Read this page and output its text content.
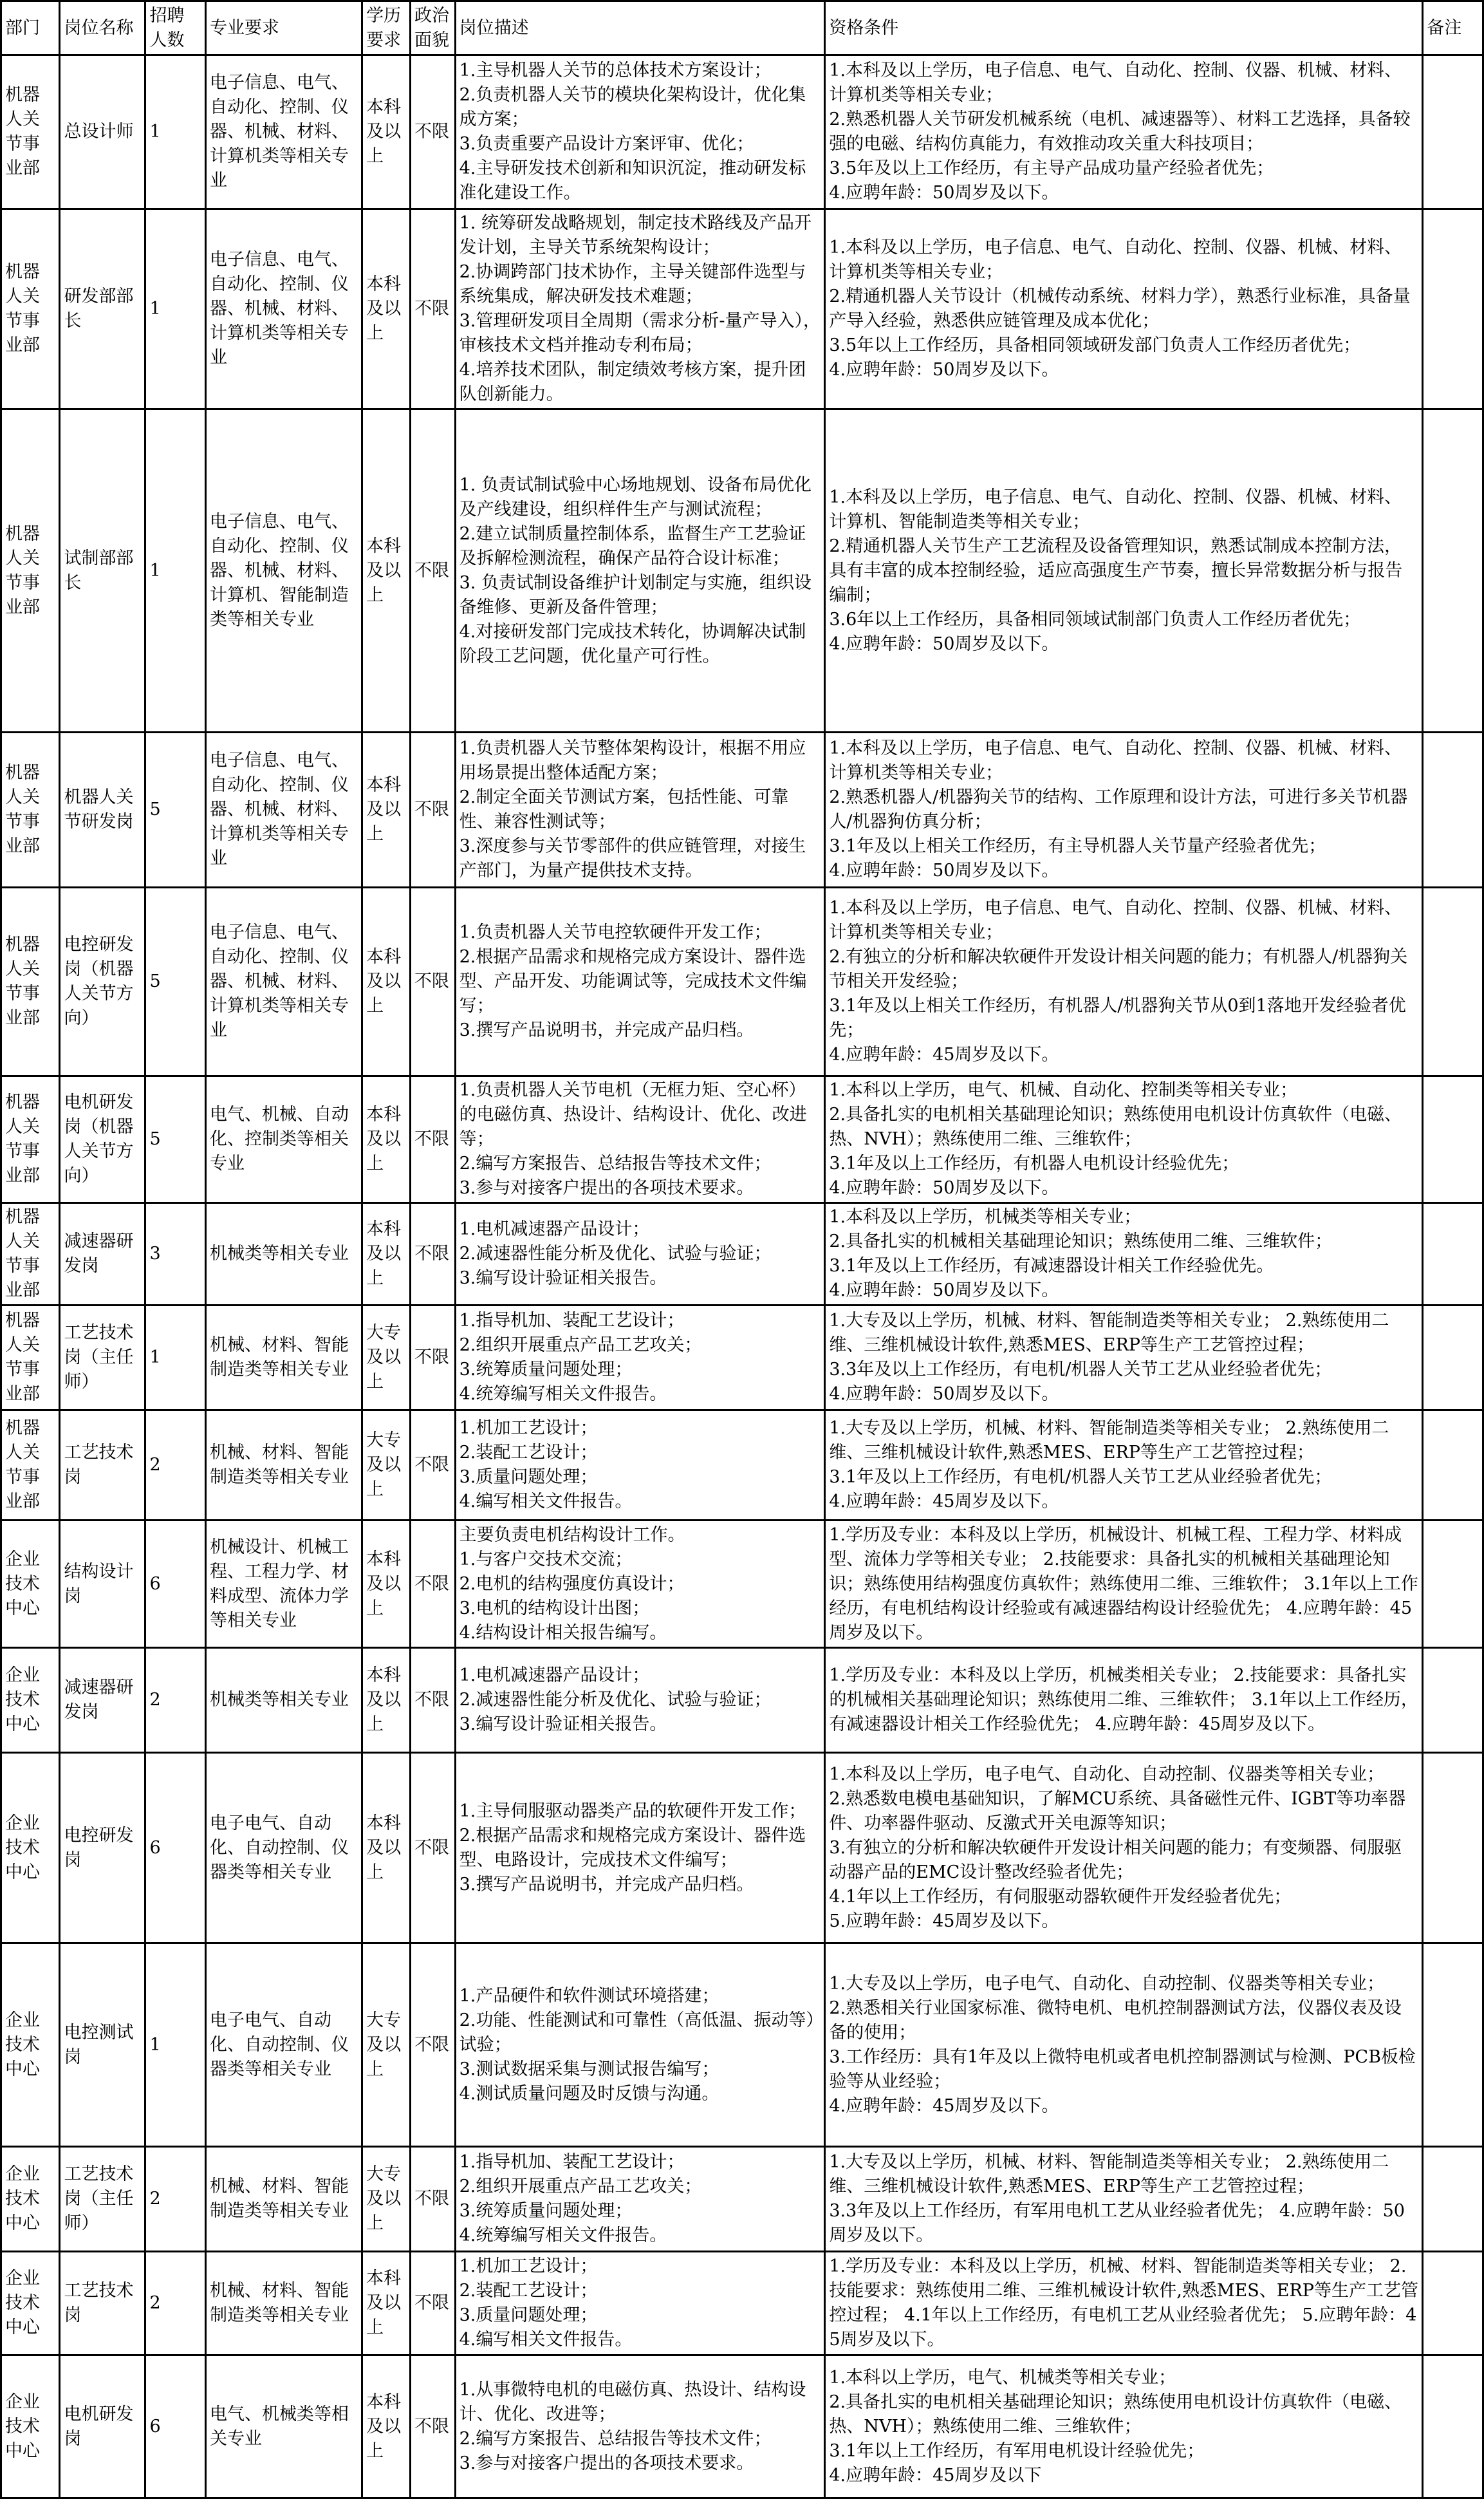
部门	岗位名称	招聘人数	专业要求	学历要求	政治面貌	岗位描述	资格条件	备注
机器人关节事业部	总设计师	1	电子信息、电气、自动化、控制、仪器、机械、材料、计算机类等相关专业	本科及以上	不限	1.主导机器人关节的总体技术方案设计；
2.负责机器人关节的模块化架构设计，优化集成方案；
3.负责重要产品设计方案评审、优化；
4.主导研发技术创新和知识沉淀，推动研发标准化建设工作。	1.本科及以上学历，电子信息、电气、自动化、控制、仪器、机械、材料、计算机类等相关专业；
2.熟悉机器人关节研发机械系统（电机、减速器等）、材料工艺选择，具备较强的电磁、结构仿真能力，有效推动攻关重大科技项目；
3.5年及以上工作经历，有主导产品成功量产经验者优先；
4.应聘年龄：50周岁及以下。	

机器人关节事业部	研发部部长	1	电子信息、电气、自动化、控制、仪器、机械、材料、计算机类等相关专业	本科及以上	不限	1. 统筹研发战略规划，制定技术路线及产品开发计划，主导关节系统架构设计；
2.协调跨部门技术协作，主导关键部件选型与系统集成，解决研发技术难题；
3.管理研发项目全周期（需求分析-量产导入），审核技术文档并推动专利布局；
4.培养技术团队，制定绩效考核方案，提升团队创新能力。	1.本科及以上学历，电子信息、电气、自动化、控制、仪器、机械、材料、计算机类等相关专业；
2.精通机器人关节设计（机械传动系统、材料力学），熟悉行业标准，具备量产导入经验，熟悉供应链管理及成本优化；
3.5年以上工作经历，具备相同领域研发部门负责人工作经历者优先；
4.应聘年龄：50周岁及以下。	

机器人关节事业部	试制部部长	1	电子信息、电气、自动化、控制、仪器、机械、材料、计算机、智能制造类等相关专业	本科及以上	不限	1. 负责试制试验中心场地规划、设备布局优化及产线建设，组织样件生产与测试流程；
2.建立试制质量控制体系，监督生产工艺验证及拆解检测流程，确保产品符合设计标准；
3. 负责试制设备维护计划制定与实施，组织设备维修、更新及备件管理；
4.对接研发部门完成技术转化，协调解决试制阶段工艺问题，优化量产可行性。	1.本科及以上学历，电子信息、电气、自动化、控制、仪器、机械、材料、计算机、智能制造类等相关专业；
2.精通机器人关节生产工艺流程及设备管理知识，熟悉试制成本控制方法，具有丰富的成本控制经验，适应高强度生产节奏，擅长异常数据分析与报告编制；
3.6年以上工作经历，具备相同领域试制部门负责人工作经历者优先；
4.应聘年龄：50周岁及以下。	

机器人关节事业部	机器人关节研发岗	5	电子信息、电气、自动化、控制、仪器、机械、材料、计算机类等相关专业	本科及以上	不限	1.负责机器人关节整体架构设计，根据不用应用场景提出整体适配方案；
2.制定全面关节测试方案，包括性能、可靠性、兼容性测试等；
3.深度参与关节零部件的供应链管理，对接生产部门，为量产提供技术支持。	1.本科及以上学历，电子信息、电气、自动化、控制、仪器、机械、材料、计算机类等相关专业；
2.熟悉机器人/机器狗关节的结构、工作原理和设计方法，可进行多关节机器人/机器狗仿真分析；
3.1年及以上相关工作经历，有主导机器人关节量产经验者优先；
4.应聘年龄：50周岁及以下。	

机器人关节事业部	电控研发岗（机器人关节方向）	5	电子信息、电气、自动化、控制、仪器、机械、材料、计算机类等相关专业	本科及以上	不限	1.负责机器人关节电控软硬件开发工作；
2.根据产品需求和规格完成方案设计、器件选型、产品开发、功能调试等，完成技术文件编写；
3.撰写产品说明书，并完成产品归档。	1.本科及以上学历，电子信息、电气、自动化、控制、仪器、机械、材料、计算机类等相关专业；
2.有独立的分析和解决软硬件开发设计相关问题的能力；有机器人/机器狗关节相关开发经验；
3.1年及以上相关工作经历，有机器人/机器狗关节从0到1落地开发经验者优先；
4.应聘年龄：45周岁及以下。	

机器人关节事业部	电机研发岗（机器人关节方向）	5	电气、机械、自动化、控制类等相关专业	本科及以上	不限	1.负责机器人关节电机（无框力矩、空心杯）的电磁仿真、热设计、结构设计、优化、改进等；
2.编写方案报告、总结报告等技术文件；
3.参与对接客户提出的各项技术要求。	1.本科以上学历，电气、机械、自动化、控制类等相关专业；
2.具备扎实的电机相关基础理论知识；熟练使用电机设计仿真软件（电磁、热、NVH）；熟练使用二维、三维软件；
3.1年及以上工作经历，有机器人电机设计经验优先；
4.应聘年龄：50周岁及以下。	

机器人关节事业部	减速器研发岗	3	机械类等相关专业	本科及以上	不限	1.电机减速器产品设计；
2.减速器性能分析及优化、试验与验证；
3.编写设计验证相关报告。	1.本科及以上学历，机械类等相关专业；
2.具备扎实的机械相关基础理论知识；熟练使用二维、三维软件；
3.1年及以上工作经历，有减速器设计相关工作经验优先。
4.应聘年龄：50周岁及以下。	

机器人关节事业部	工艺技术岗（主任师）	1	机械、材料、智能制造类等相关专业	大专及以上	不限	1.指导机加、装配工艺设计；
2.组织开展重点产品工艺攻关；
3.统筹质量问题处理；
4.统筹编写相关文件报告。	1.大专及以上学历，机械、材料、智能制造类等相关专业； 2.熟练使用二维、三维机械设计软件,熟悉MES、ERP等生产工艺管控过程；
3.3年及以上工作经历，有电机/机器人关节工艺从业经验者优先；
4.应聘年龄：50周岁及以下。	

机器人关节事业部	工艺技术岗	2	机械、材料、智能制造类等相关专业	大专及以上	不限	1.机加工艺设计；
2.装配工艺设计；
3.质量问题处理；
4.编写相关文件报告。	1.大专及以上学历，机械、材料、智能制造类等相关专业； 2.熟练使用二维、三维机械设计软件,熟悉MES、ERP等生产工艺管控过程；
3.1年及以上工作经历，有电机/机器人关节工艺从业经验者优先；
4.应聘年龄：45周岁及以下。	

企业技术中心	结构设计岗	6	机械设计、机械工程、工程力学、材料成型、流体力学等相关专业	本科及以上	不限	主要负责电机结构设计工作。
1.与客户交技术交流；
2.电机的结构强度仿真设计；
3.电机的结构设计出图；
4.结构设计相关报告编写。	1.学历及专业：本科及以上学历，机械设计、机械工程、工程力学、材料成型、流体力学等相关专业； 2.技能要求：具备扎实的机械相关基础理论知识；熟练使用结构强度仿真软件；熟练使用二维、三维软件； 3.1年以上工作经历，有电机结构设计经验或有减速器结构设计经验优先； 4.应聘年龄：45周岁及以下。	

企业技术中心	减速器研发岗	2	机械类等相关专业	本科及以上	不限	1.电机减速器产品设计；
2.减速器性能分析及优化、试验与验证；
3.编写设计验证相关报告。	1.学历及专业：本科及以上学历，机械类相关专业； 2.技能要求：具备扎实的机械相关基础理论知识；熟练使用二维、三维软件； 3.1年以上工作经历，有减速器设计相关工作经验优先； 4.应聘年龄：45周岁及以下。	

企业技术中心	电控研发岗	6	电子电气、自动化、自动控制、仪器类等相关专业	本科及以上	不限	1.主导伺服驱动器类产品的软硬件开发工作；
2.根据产品需求和规格完成方案设计、器件选型、电路设计，完成技术文件编写；
3.撰写产品说明书，并完成产品归档。	1.本科及以上学历，电子电气、自动化、自动控制、仪器类等相关专业；
2.熟悉数电模电基础知识，了解MCU系统、具备磁性元件、IGBT等功率器件、功率器件驱动、反激式开关电源等知识；
3.有独立的分析和解决软硬件开发设计相关问题的能力；有变频器、伺服驱动器产品的EMC设计整改经验者优先；
4.1年以上工作经历，有伺服驱动器软硬件开发经验者优先；
5.应聘年龄：45周岁及以下。	

企业技术中心	电控测试岗	1	电子电气、自动化、自动控制、仪器类等相关专业	大专及以上	不限	1.产品硬件和软件测试环境搭建；
2.功能、性能测试和可靠性（高低温、振动等）试验；
3.测试数据采集与测试报告编写；
4.测试质量问题及时反馈与沟通。	1.大专及以上学历，电子电气、自动化、自动控制、仪器类等相关专业；
2.熟悉相关行业国家标准、微特电机、电机控制器测试方法，仪器仪表及设备的使用；
3.工作经历：具有1年及以上微特电机或者电机控制器测试与检测、PCB板检验等从业经验；
4.应聘年龄：45周岁及以下。	

企业技术中心	工艺技术岗（主任师）	2	机械、材料、智能制造类等相关专业	大专及以上	不限	1.指导机加、装配工艺设计；
2.组织开展重点产品工艺攻关；
3.统筹质量问题处理；
4.统筹编写相关文件报告。	1.大专及以上学历，机械、材料、智能制造类等相关专业； 2.熟练使用二维、三维机械设计软件,熟悉MES、ERP等生产工艺管控过程；
3.3年及以上工作经历，有军用电机工艺从业经验者优先； 4.应聘年龄：50周岁及以下。	

企业技术中心	工艺技术岗	2	机械、材料、智能制造类等相关专业	本科及以上	不限	1.机加工艺设计；
2.装配工艺设计；
3.质量问题处理；
4.编写相关文件报告。	1.学历及专业：本科及以上学历，机械、材料、智能制造类等相关专业； 2.技能要求：熟练使用二维、三维机械设计软件,熟悉MES、ERP等生产工艺管控过程； 4.1年以上工作经历，有电机工艺从业经验者优先； 5.应聘年龄：45周岁及以下。	

企业技术中心	电机研发岗	6	电气、机械类等相关专业	本科及以上	不限	1.从事微特电机的电磁仿真、热设计、结构设计、优化、改进等；
2.编写方案报告、总结报告等技术文件；
3.参与对接客户提出的各项技术要求。	1.本科以上学历，电气、机械类等相关专业；
2.具备扎实的电机相关基础理论知识；熟练使用电机设计仿真软件（电磁、热、NVH）；熟练使用二维、三维软件；
3.1年以上工作经历，有军用电机设计经验优先；
4.应聘年龄：45周岁及以下	
